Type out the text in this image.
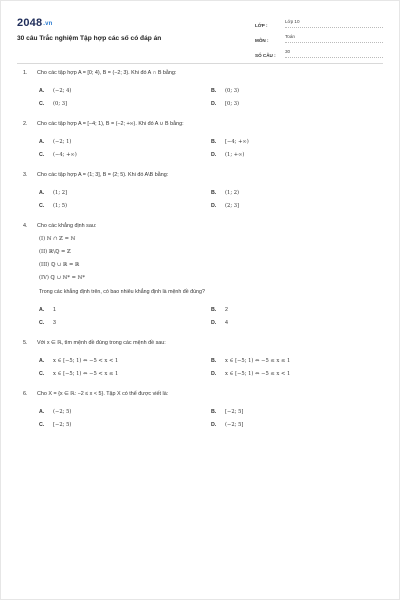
2048.vn
30 câu Trắc nghiệm Tập hợp các số có đáp án
LỚP :
Lớp 10
MÔN :
Toán
SỐ CÂU :
30
1.	Cho các tập hợp A = [0; 4), B = (−2; 3). Khi đó A ∩ B bằng:
A.	(−2; 4)	B.	(0; 3)
C.	(0; 3]	D.	[0; 3)
2.	Cho các tập hợp A = [−4; 1), B = (−2; +∞). Khi đó A ∪ B bằng:
A.	(−2; 1)	B.	[−4; +∞)
C.	(−4; +∞)	D.	(1; +∞)
3.	Cho các tập hợp A = (1; 3], B = (2; 5). Khi đó A\B bằng:
A.	(1; 2]	B.	(1; 2)
C.	(1; 5)	D.	(2; 3]
4.	Cho các khẳng định sau:
(I) ℕ ∩ ℤ = ℕ
(II) ℝ\ℚ = ℤ
(III) ℚ ∪ ℝ = ℝ
(IV) ℚ ∪ ℕ* = ℕ*
Trong các khẳng định trên, có bao nhiêu khẳng định là mệnh đề đúng?
A.	1	B.	2
C.	3	D.	4
5.	Với x ∈ ℝ, tìm mệnh đề đúng trong các mệnh đề sau:
A.	x ∈ [−5; 1) ⇔ −5 < x < 1	B.	x ∈ [−5; 1) ⇔ −5 ≤ x ≤ 1
C.	x ∈ [−5; 1) ⇔ −5 < x ≤ 1	D.	x ∈ [−5; 1) ⇔ −5 ≤ x < 1
6.	Cho X = {x ∈ ℝ: −2 ≤ x < 5}. Tập X có thể được viết là:
A.	(−2; 5)	B.	[−2; 5]
C.	[−2; 5)	D.	(−2; 5]
